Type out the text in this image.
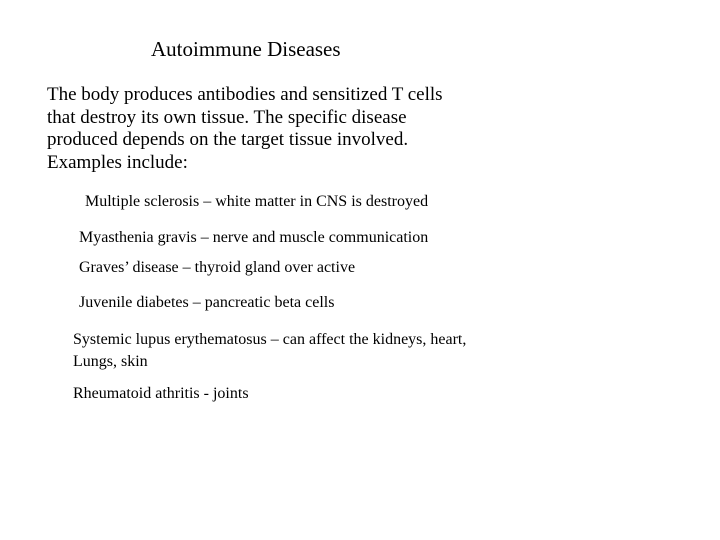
Autoimmune Diseases
The body produces antibodies and sensitized T cells
that destroy its own tissue. The specific disease
produced depends on the target tissue involved.
Examples include:
Multiple sclerosis – white matter in CNS is destroyed
Myasthenia gravis – nerve and muscle communication
Graves’ disease – thyroid gland over active
Juvenile diabetes – pancreatic beta cells
Systemic lupus erythematosus – can affect the kidneys, heart,
Lungs, skin
Rheumatoid athritis - joints
